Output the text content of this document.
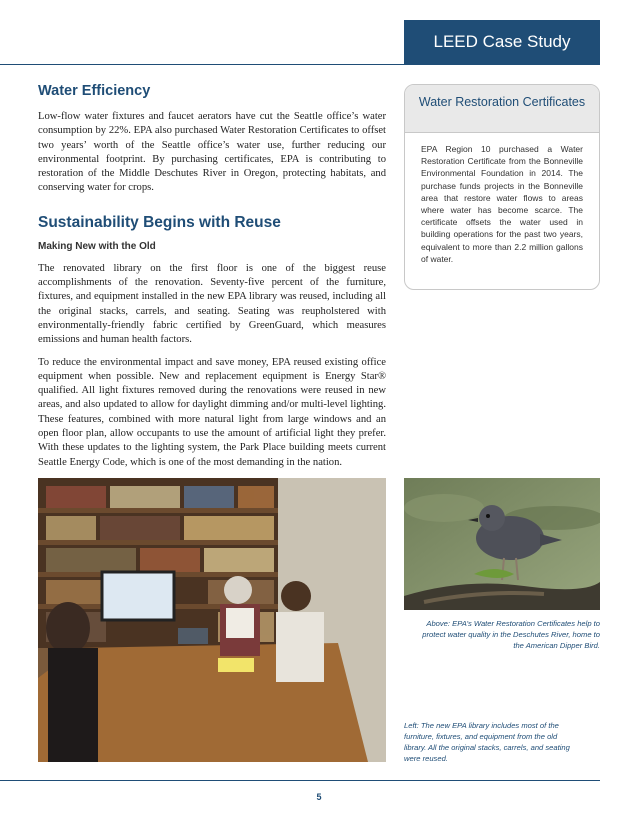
LEED Case Study
Water Efficiency
Low-flow water fixtures and faucet aerators have cut the Seattle office’s water consumption by 22%. EPA also purchased Water Restoration Certificates to offset two years’ worth of the Seattle office’s water use, further reducing our environmental footprint. By purchasing certificates, EPA is contributing to restoration of the Middle Deschutes River in Oregon, protecting habitats, and conserving water for crops.
Sustainability Begins with Reuse
Making New with the Old
The renovated library on the first floor is one of the biggest reuse accomplishments of the renovation. Seventy-five percent of the furniture, fixtures, and equipment installed in the new EPA library was reused, including all the original stacks, carrels, and seating. Seating was reupholstered with environmentally-friendly fabric certified by GreenGuard, which measures emissions and human health factors.
To reduce the environmental impact and save money, EPA reused existing office equipment when possible. New and replacement equipment is Energy Star® qualified. All light fixtures removed during the renovations were reused in new areas, and also updated to allow for daylight dimming and/or multi-level lighting. These features, combined with more natural light from large windows and an open floor plan, allow occupants to use the amount of artificial light they prefer. With these updates to the lighting system, the Park Place building meets current Seattle Energy Code, which is one of the most demanding in the nation.
Water Restoration Certificates
EPA Region 10 purchased a Water Restoration Certificate from the Bonneville Environmental Foundation in 2014. The purchase funds projects in the Bonneville area that restore water flows to areas where water has become scarce. The certificate offsets the water used in building operations for the past two years, equivalent to more than 2.2 million gallons of water.
Above: EPA’s Water Restoration Certificates help to protect water quality in the Deschutes River, home to the American Dipper Bird.
Left: The new EPA library includes most of the furniture, fixtures, and equipment from the old library. All the original stacks, carrels, and seating were reused.
5
